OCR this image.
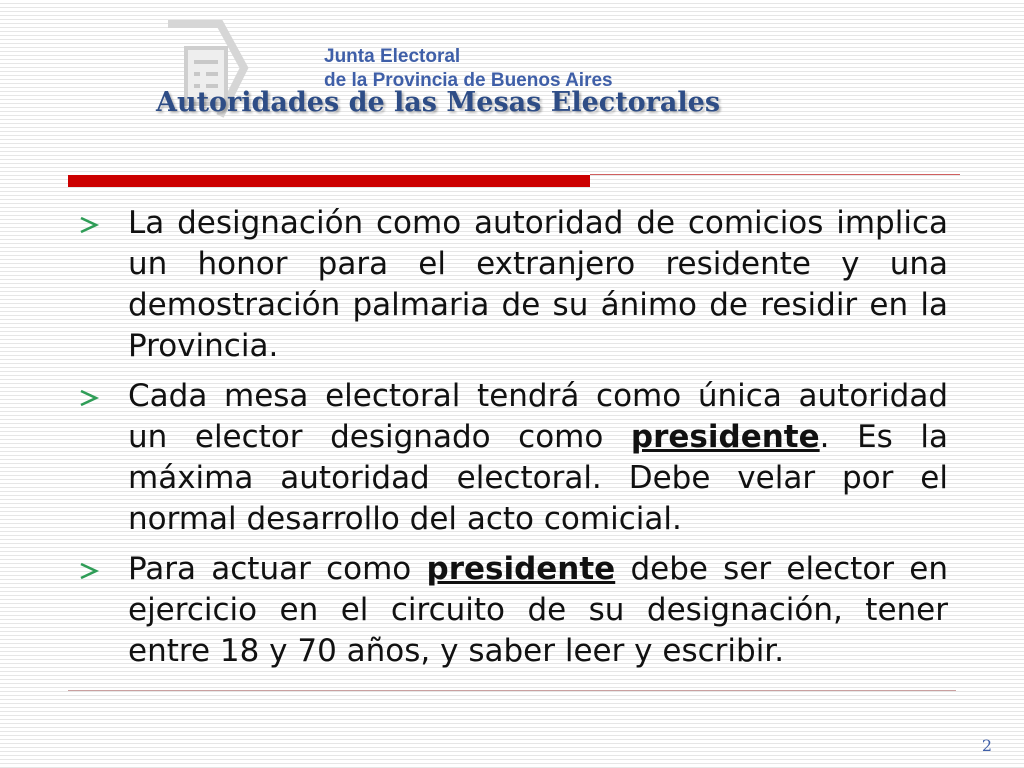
Junta Electoral
de la Provincia de Buenos Aires
Autoridades de las Mesas Electorales
La designación como autoridad de comicios implica un honor para el extranjero residente y una demostración palmaria de su ánimo de residir en la Provincia.
Cada mesa electoral tendrá como única autoridad un elector designado como presidente. Es la máxima autoridad electoral. Debe velar por el normal desarrollo del acto comicial.
Para actuar como presidente debe ser elector en ejercicio en el circuito de su designación, tener entre 18 y 70 años, y saber leer y escribir.
2
